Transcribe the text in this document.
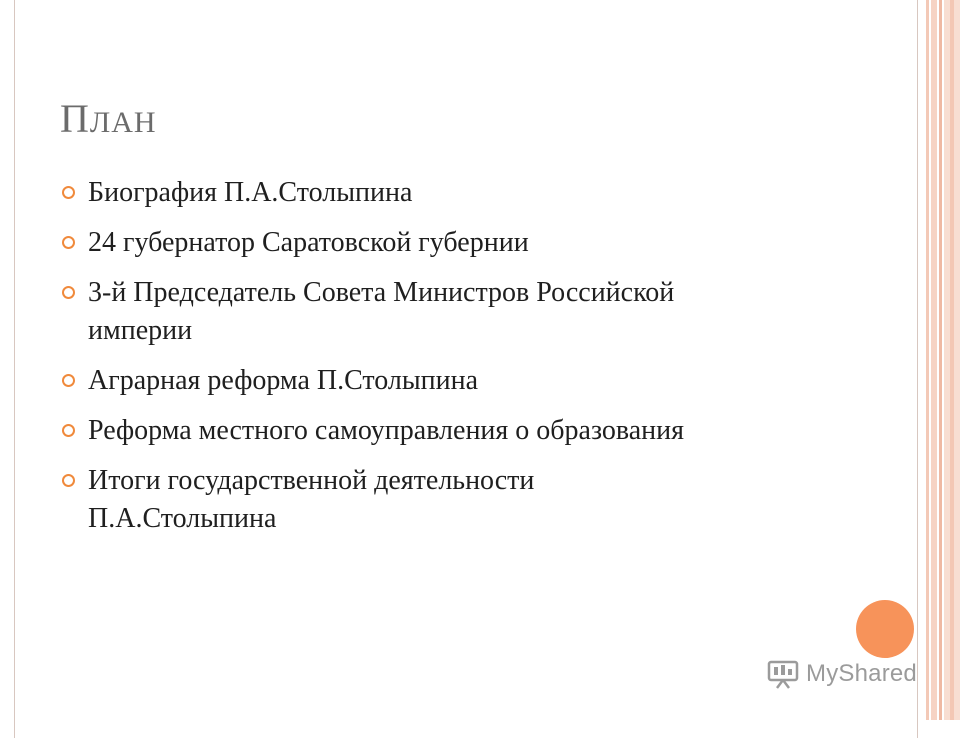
ПЛАН
Биография П.А.Столыпина
24 губернатор Саратовской губернии
3-й Председатель Совета Министров Российской империи
Аграрная реформа П.Столыпина
Реформа местного самоуправления о образования
Итоги государственной деятельности П.А.Столыпина
MyShared
